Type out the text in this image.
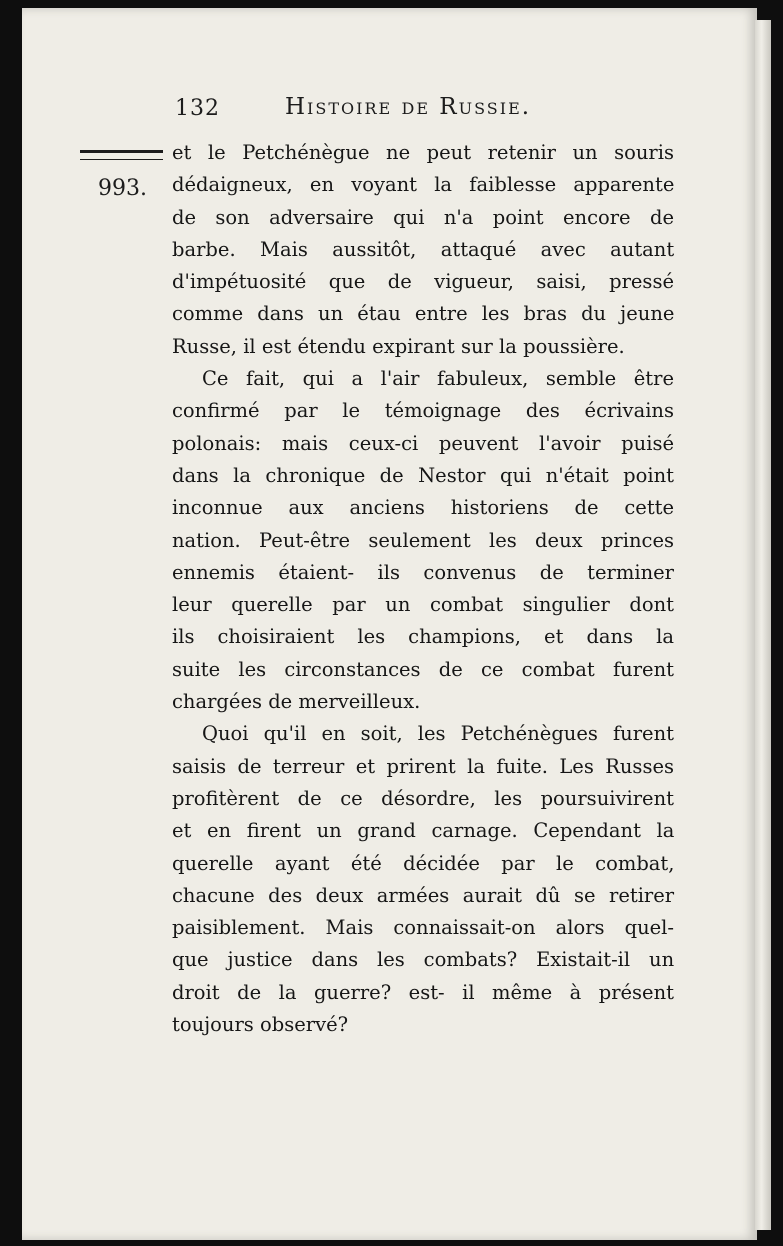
132	Histoire de Russie.
993.
et le Petchénègue ne peut retenir un souris
dédaigneux, en voyant la faiblesse apparente
de son adversaire qui n'a point encore de
barbe. Mais aussitôt, attaqué avec autant
d'impétuosité que de vigueur, saisi, pressé
comme dans un étau entre les bras du jeune
Russe, il est étendu expirant sur la poussière.
Ce fait, qui a l'air fabuleux, semble être
confirmé par le témoignage des écrivains
polonais: mais ceux-ci peuvent l'avoir puisé
dans la chronique de Nestor qui n'était point
inconnue aux anciens historiens de cette
nation. Peut-être seulement les deux princes
ennemis étaient- ils convenus de terminer
leur querelle par un combat singulier dont
ils choisiraient les champions, et dans la
suite les circonstances de ce combat furent
chargées de merveilleux.
Quoi qu'il en soit, les Petchénègues furent
saisis de terreur et prirent la fuite. Les Russes
profitèrent de ce désordre, les poursuivirent
et en firent un grand carnage. Cependant la
querelle ayant été décidée par le combat,
chacune des deux armées aurait dû se retirer
paisiblement. Mais connaissait-on alors quel-
que justice dans les combats? Existait-il un
droit de la guerre? est- il même à présent
toujours observé?
